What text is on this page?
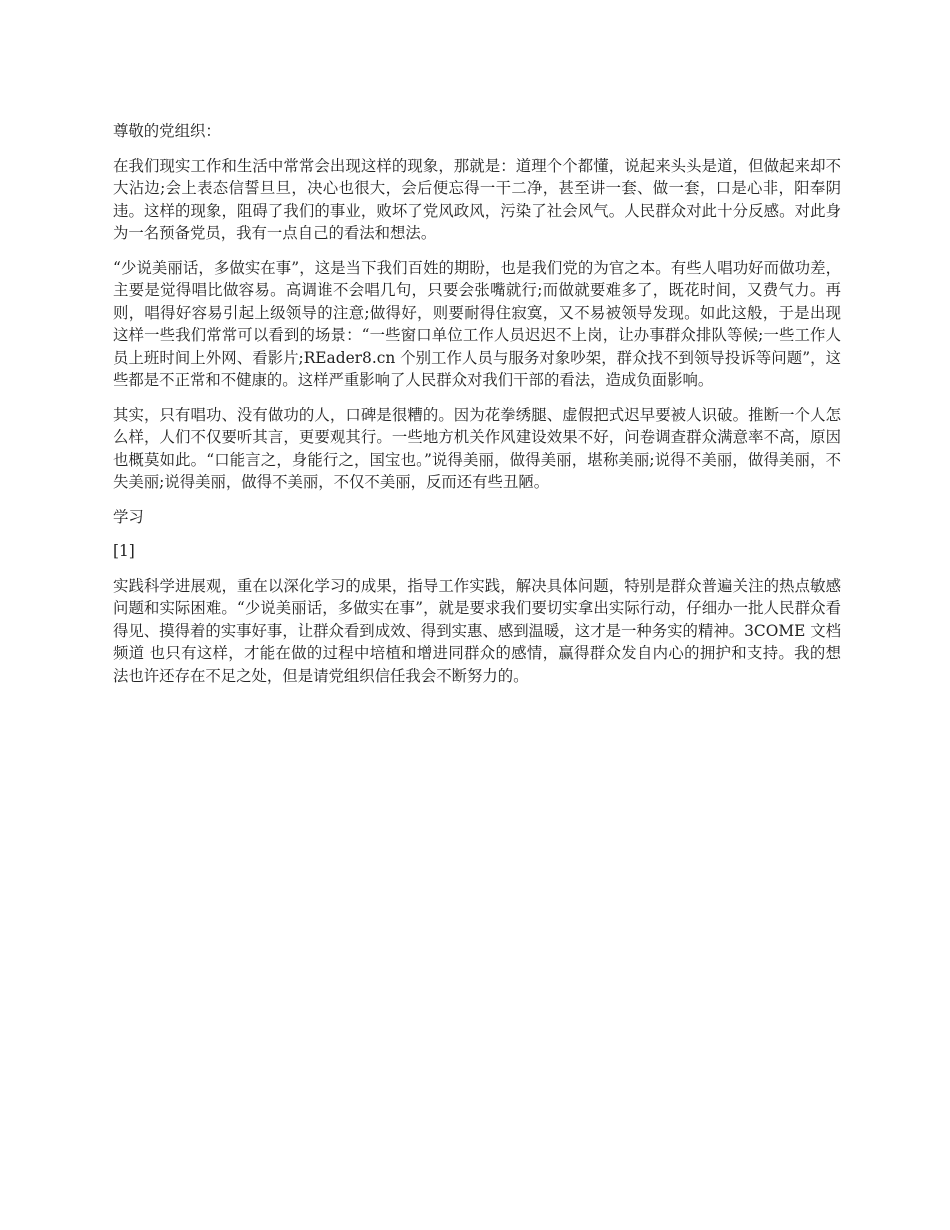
尊敬的党组织：

在我们现实工作和生活中常常会出现这样的现象，那就是：道理个个都懂，说起来头头是道，但做起来却不大沾边;会上表态信誓旦旦，决心也很大，会后便忘得一干二净，甚至讲一套、做一套，口是心非，阳奉阴违。这样的现象，阻碍了我们的事业，败坏了党风政风，污染了社会风气。人民群众对此十分反感。对此身为一名预备党员，我有一点自己的看法和想法。

“少说美丽话，多做实在事”，这是当下我们百姓的期盼，也是我们党的为官之本。有些人唱功好而做功差，主要是觉得唱比做容易。高调谁不会唱几句，只要会张嘴就行;而做就要难多了，既花时间，又费气力。再则，唱得好容易引起上级领导的注意;做得好，则要耐得住寂寞，又不易被领导发现。如此这般，于是出现这样一些我们常常可以看到的场景：“一些窗口单位工作人员迟迟不上岗，让办事群众排队等候;一些工作人员上班时间上外网、看影片;REader8.cn 个别工作人员与服务对象吵架，群众找不到领导投诉等问题”，这些都是不正常和不健康的。这样严重影响了人民群众对我们干部的看法，造成负面影响。

其实，只有唱功、没有做功的人，口碑是很糟的。因为花拳绣腿、虚假把式迟早要被人识破。推断一个人怎么样，人们不仅要听其言，更要观其行。一些地方机关作风建设效果不好，问卷调查群众满意率不高，原因也概莫如此。“口能言之，身能行之，国宝也。”说得美丽，做得美丽，堪称美丽;说得不美丽，做得美丽，不失美丽;说得美丽，做得不美丽，不仅不美丽，反而还有些丑陋。

学习

[1]

实践科学进展观，重在以深化学习的成果，指导工作实践，解决具体问题，特别是群众普遍关注的热点敏感问题和实际困难。“少说美丽话，多做实在事”，就是要求我们要切实拿出实际行动，仔细办一批人民群众看得见、摸得着的实事好事，让群众看到成效、得到实惠、感到温暖，这才是一种务实的精神。3COME 文档频道 也只有这样，才能在做的过程中培植和增进同群众的感情，赢得群众发自内心的拥护和支持。我的想法也许还存在不足之处，但是请党组织信任我会不断努力的。
